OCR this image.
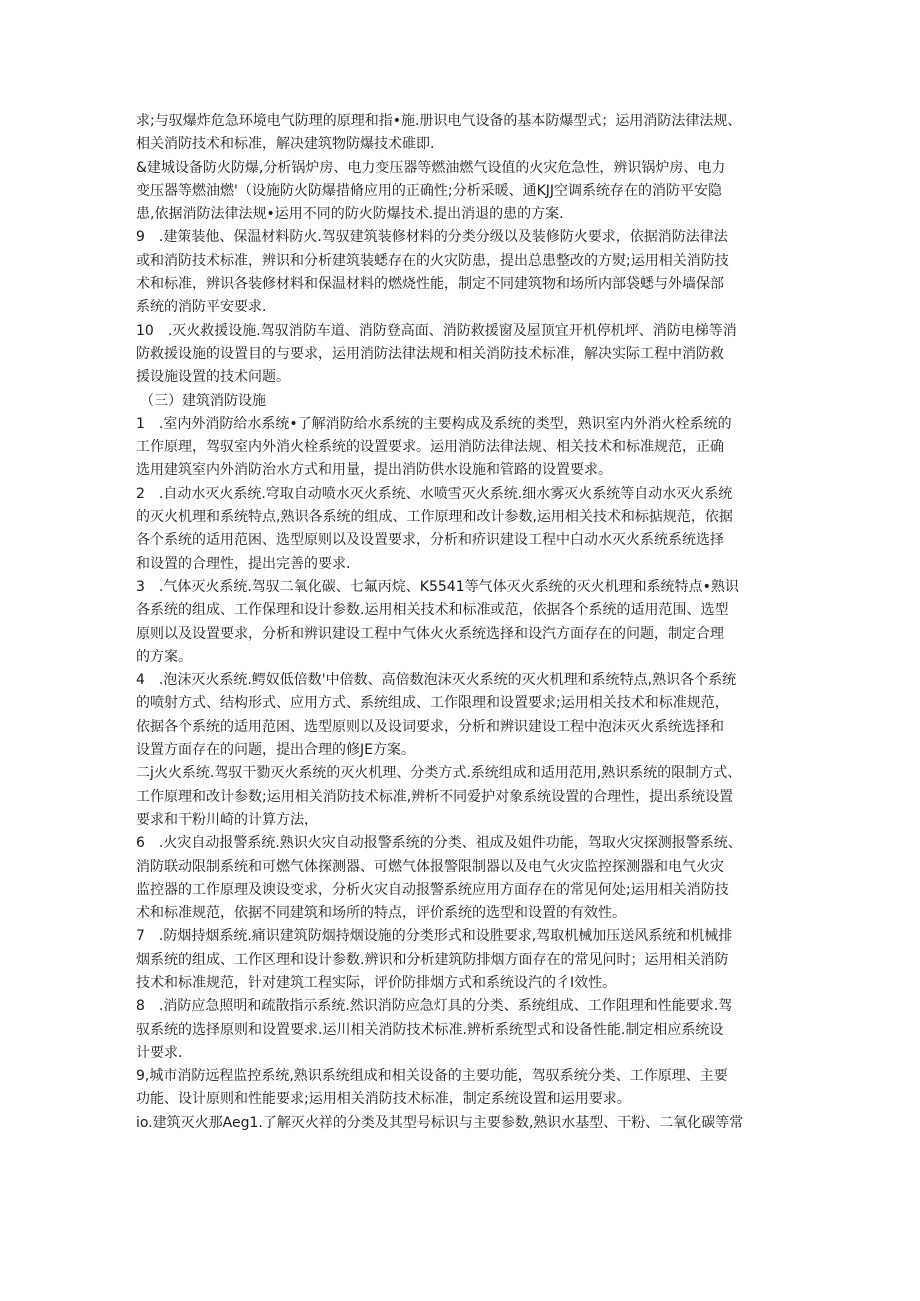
求;与驭爆炸危急环境电气防理的原理和指•施.册识电气设备的基本防爆型式；运用消防法律法规、
相关消防技术和标准，解决建筑物防爆技术碓即.
&建城设备防火防爆,分析锅炉房、电力变压器等燃油燃气设值的火灾危急性，辨识锅炉房、电力
变压器等燃油燃'（设施防火防爆措脩应用的正确性;分析采暖、通KJJ空调系统存在的消防平安隐
患,依据消防法律法规•运用不同的防火防爆技术.提出消退的患的方案.
9　.建策装他、保温材料防火.驾驭建筑装修材料的分类分级以及装修防火要求，依据消防法律法
或和消防技术标准，辨识和分析建筑装蟋存在的火灾防患，提出总患整改的方熨;运用相关消防技
术和标准，辨识各装修材料和保温材料的燃烧性能，制定不同建筑物和场所内部袋蟋与外墙保部
系统的消防平安要求.
10　.灭火救援设施.驾驭消防车道、消防登高面、消防救援窗及屋顶宜开机停机坪、消防电梯等消
防救援设施的设置目的与要求，运用消防法律法规和相关消防技术标准，解决实际工程中消防救
援设施设置的技术问题。
（三）建筑消防设施
1　.室内外消防给水系统•了解消防给水系统的主要构成及系统的类型，熟识室内外消火栓系统的
工作原理，驾驭室内外消火栓系统的设置要求。运用消防法律法规、相关技术和标准规范，正确
选用建筑室内外消防治水方式和用量，提出消防供水设施和管路的设置要求。
2　.自动水灭火系统.穹取自动喷水灭火系统、水喷雪灭火系统.细水雾灭火系统等自动水灭火系统
的灭火机理和系统特点,熟识各系统的组成、工作原理和改计参数,运用相关技术和标掂规范，依据
各个系统的适用范困、选型原则以及设置要求，分析和疥识建设工程中白动水灭火系统系统选择
和设置的合理性，提出完善的要求.
3　.气体灭火系统.驾驭二氧化碳、七氟丙烷、K5541等气体灭火系统的灭火机理和系统特点•熟识
各系统的组成、工作保理和设计参数.运用相关技术和标准或范，依据各个系统的适用范围、选型
原则以及设置要求，分析和辨识建设工程中气体火火系统选择和设汽方面存在的问题，制定合理
的方案。
4　.泡沫灭火系统.鳄奴低倍数'中倍数、高倍数泡沫灭火系统的灭火机理和系统特点,熟识各个系统
的喷射方式、结构形式、应用方式、系统组成、工作限理和设置要求;运用相关技术和标准规范，
依据各个系统的适用范困、选型原则以及设词要求，分析和辨识建设工程中泡沫灭火系统选择和
设置方面存在的问题，提出合理的修JE方案。
二j火火系统.驾驭干勠灭火系统的灭火机理、分类方式.系统组成和适用范用,熟识系统的限制方式、
工作原理和改计参数;运用相关消防技术标准,辨析不同爱护对象系统设置的合理性，提出系统设置
要求和干粉川崎的计算方法，
6　.火灾自动报警系统.熟识火灾自动报警系统的分类、祖成及姐件功能，驾取火灾探测报警系统、
消防联动限制系统和可燃气体探测器、可燃气体报警限制器以及电气火灾监控探测器和电气火灾
监控器的工作原理及谀设变求，分析火灾自动报警系统应用方面存在的常见何处;运用相关消防技
术和标准规范，依据不同建筑和场所的特点，评价系统的选型和设置的有效性。
7　.防烟持烟系统.痛识建筑防烟持烟设施的分类形式和设胜要求,驾取机械加压送风系统和机械排
烟系统的组成、工作区理和设计参数.辨识和分析建筑防排烟方面存在的常见问时；运用相关消防
技术和标准规范，针对建筑工程实际，评价防排烟方式和系统设汽的彳I效性。
8　.消防应急照明和疏散指示系统.然识消防应急灯具的分类、系统组成、工作阻理和性能要求.驾
驭系统的选择原则和设置要求.运川相关消防技术标准.辨析系统型式和设备性能.制定相应系统设
计要求.
9,城市消防远程监控系统,熟识系统组成和相关设备的主要功能，驾驭系统分类、工作原理、主要
功能、设计原则和性能要求;运用相关消防技术标准，制定系统设置和运用要求。
io.建筑灭火那Aeg1.了解灭火祥的分类及其型号标识与主要参数,熟识水基型、干粉、二氧化碳等常
